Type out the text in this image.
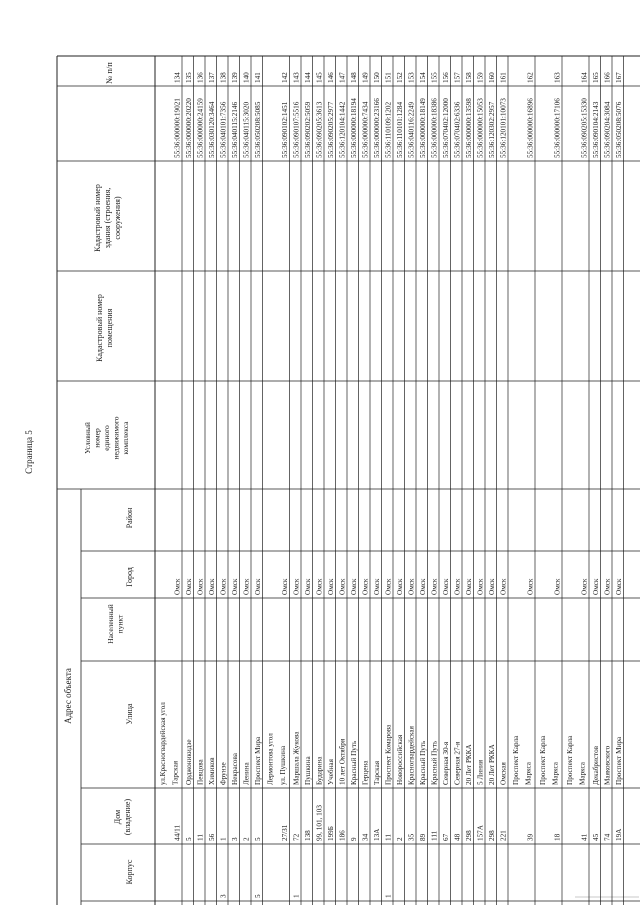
Страница 5
№ п/п
Кадастровый номерздания (строения,сооружения)
Кадастровый номерпомещения
Условныйномерединогонедвижимогокомплекса
Адрес объекта
Район
Город
Населенныйпункт
Улица
Дом(владение)
Корпус
134
55:36:000000:19021
Омск
ул.Красногвардейская угол Тарская
44/11
135
55:36:000000:20220
Омск
Орджоникидзе
5
136
55:36:000000:24159
Омск
Певцова
11
137
55:36:030120:3464
Омск
Химиков
56
138
55:36:040101:7356
Омск
Фрунзе
1
3
139
55:36:040115:2146
Омск
Некрасова
3
140
55:36:040115:3020
Омск
Ленина
2
141
55:36:050208:5085
Омск
Проспект Мира
5
5
142
55:36:090102:1451
Омск
Лермонтова угол ул. Пушкина
27/31
143
55:36:090107:5516
Омск
Маршала Жукова
72
1
144
55:36:090202:5059
Омск
Пушкина
138
145
55:36:090205:3613
Омск
Бударина
99, 101, 103
146
55:36:090205:2977
Омск
Учебная
199Б
147
55:36:120104:1442
Омск
10 лет Октября
186
148
55:36:000000:18194
Омск
Красный Путь
9
149
55:36:000000:7434
Омск
Герцена
34
150
55:36:000000:23166
Омск
Тарская
13А
151
55:36:110109:1202
Омск
Проспект Комарова
11
1
152
55:36:110101:1284
Омск
Новороссийская
2
153
55:36:040116:2249
Омск
Красногвардейская
35
154
55:36:000000:18149
Омск
Красный Путь
89
155
55:36:000000:18386
Омск
Красный Путь
111
156
55:36:070402:12000
Омск
Северная 30-я
67
157
55:36:070402:6336
Омск
Северная 27-я
48
158
55:36:000000:13598
Омск
20 Лет РККА
298
159
55:36:000000:15053
Омск
5 Линия
157А
160
55:36:120302:2957
Омск
20 Лет РККА
298
161
55:36:120101:10073
Омск
Омская
221
162
55:36:000000:16896
Омск
Проспект Карла Маркса
39
163
55:36:000000:17106
Омск
Проспект Карла Маркса
18
164
55:36:090205:15330
Омск
Проспект Карла Маркса
41
165
55:36:090104:2143
Омск
Декабристов
45
166
55:36:090204:3084
Омск
Маяковского
74
167
55:36:050208:5076
Омск
Проспект Мира
19А
